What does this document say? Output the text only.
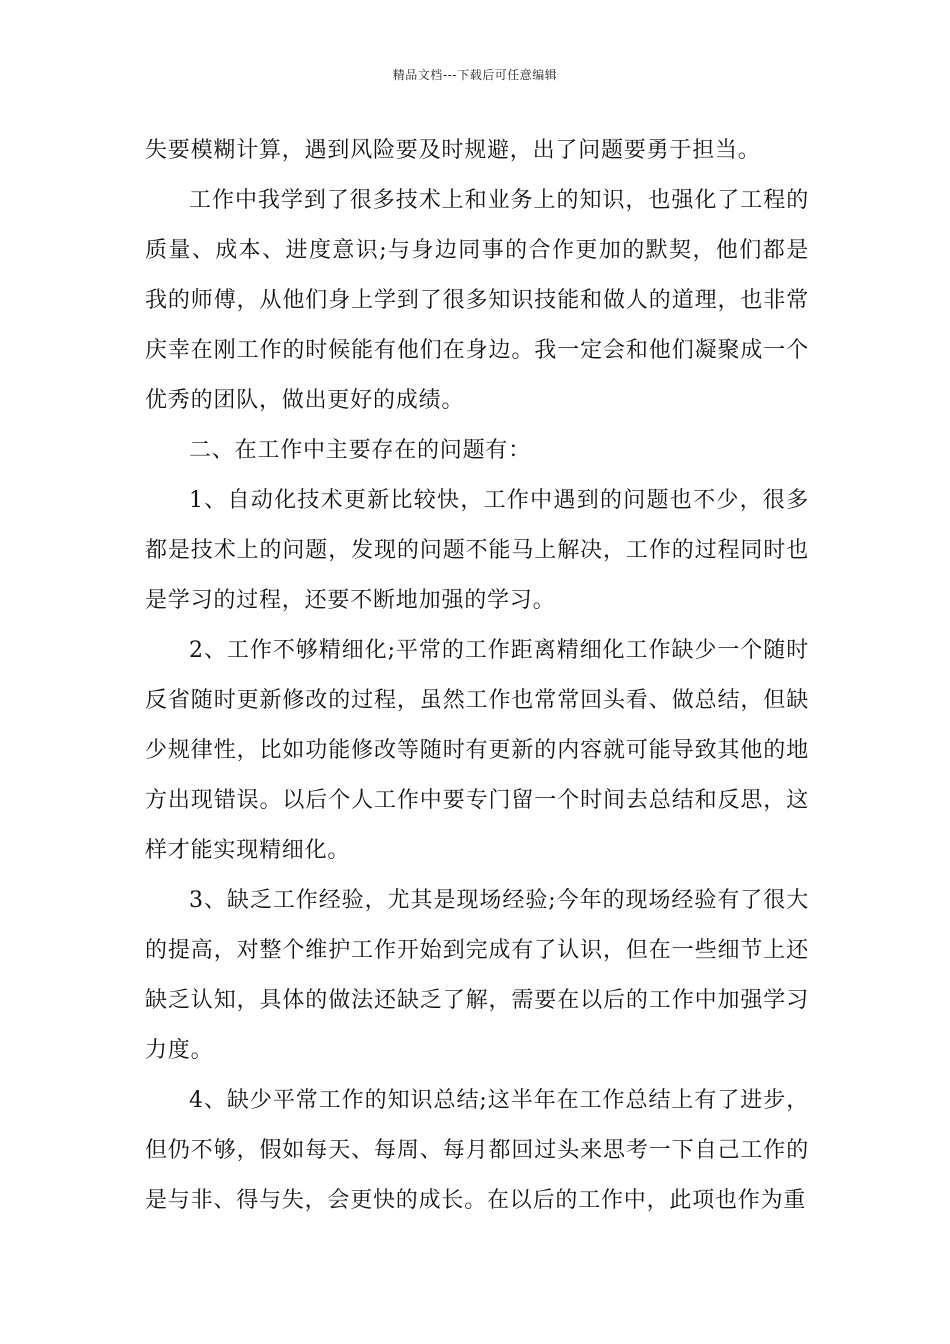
精品文档---下载后可任意编辑

失要模糊计算，遇到风险要及时规避，出了问题要勇于担当。

工作中我学到了很多技术上和业务上的知识，也强化了工程的质量、成本、进度意识;与身边同事的合作更加的默契，他们都是我的师傅，从他们身上学到了很多知识技能和做人的道理，也非常庆幸在刚工作的时候能有他们在身边。我一定会和他们凝聚成一个优秀的团队，做出更好的成绩。

二、在工作中主要存在的问题有：

1、自动化技术更新比较快，工作中遇到的问题也不少，很多都是技术上的问题，发现的问题不能马上解决，工作的过程同时也是学习的过程，还要不断地加强的学习。

2、工作不够精细化;平常的工作距离精细化工作缺少一个随时反省随时更新修改的过程，虽然工作也常常回头看、做总结，但缺少规律性，比如功能修改等随时有更新的内容就可能导致其他的地方出现错误。以后个人工作中要专门留一个时间去总结和反思，这样才能实现精细化。

3、缺乏工作经验，尤其是现场经验;今年的现场经验有了很大的提高，对整个维护工作开始到完成有了认识，但在一些细节上还缺乏认知，具体的做法还缺乏了解，需要在以后的工作中加强学习力度。

4、缺少平常工作的知识总结;这半年在工作总结上有了进步，但仍不够，假如每天、每周、每月都回过头来思考一下自己工作的是与非、得与失，会更快的成长。在以后的工作中，此项也作为重
